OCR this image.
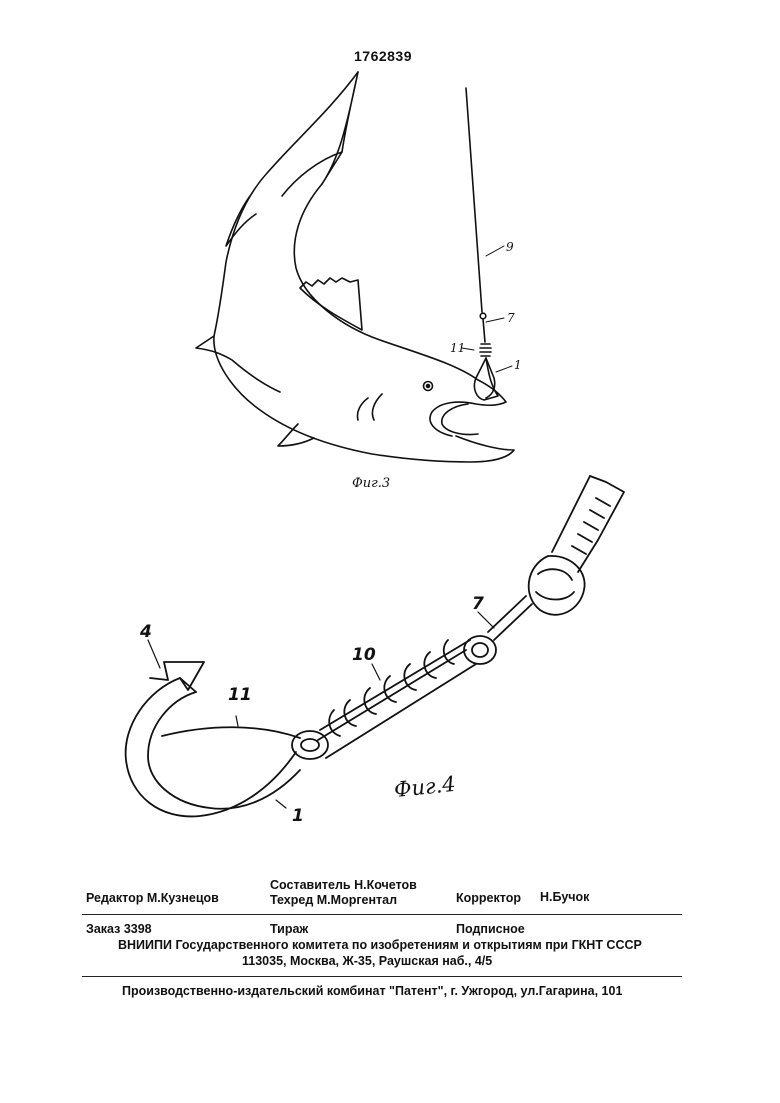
1762839
9
7
11
1
Фиг.3
4
7
10
11
1
Фиг.4
Составитель Н.Кочетов
Редактор М.Кузнецов	Техред М.Моргентал	Корректор Н.Бучок
Заказ 3398	Тираж	Подписное
ВНИИПИ Государственного комитета по изобретениям и открытиям при ГКНТ СССР
113035, Москва, Ж-35, Раушская наб., 4/5
Производственно-издательский комбинат "Патент", г. Ужгород, ул.Гагарина, 101
